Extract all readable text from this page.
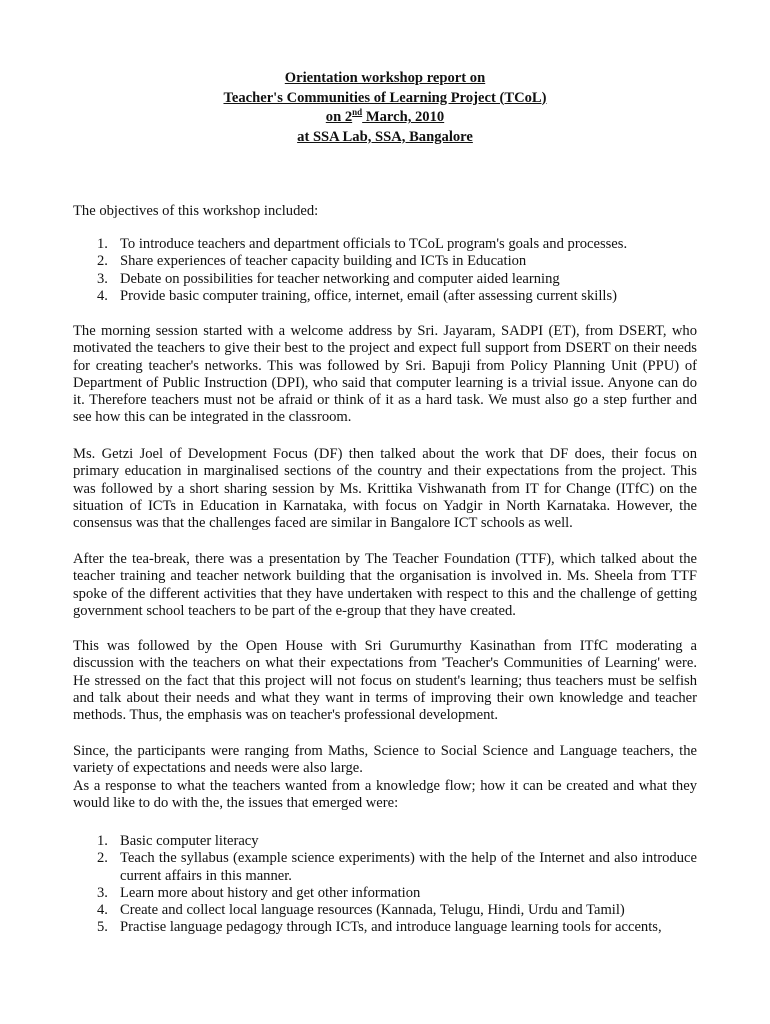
Orientation workshop report on
Teacher's Communities of Learning Project (TCoL)
on 2nd March, 2010
at SSA Lab, SSA, Bangalore
The objectives of this workshop included:
1. To introduce teachers and department officials to TCoL program's goals and processes.
2. Share experiences of teacher capacity building and ICTs in Education
3. Debate on possibilities for teacher networking and computer aided learning
4. Provide basic computer training, office, internet, email (after assessing current skills)
The morning session started with a welcome address by Sri. Jayaram, SADPI (ET), from DSERT, who motivated the teachers to give their best to the project and expect full support from DSERT on their needs for creating teacher's networks. This was followed by Sri. Bapuji from Policy Planning Unit (PPU) of Department of Public Instruction (DPI), who said that computer learning is a trivial issue. Anyone can do it. Therefore teachers must not be afraid or think of it as a hard task. We must also go a step further and see how this can be integrated in the classroom.
Ms. Getzi Joel of Development Focus (DF) then talked about the work that DF does, their focus on primary education in marginalised sections of the country and their expectations from the project. This was followed by a short sharing session by Ms. Krittika Vishwanath from IT for Change (ITfC) on the situation of ICTs in Education in Karnataka, with focus on Yadgir in North Karnataka. However, the consensus was that the challenges faced are similar in Bangalore ICT schools as well.
After the tea-break, there was a presentation by The Teacher Foundation (TTF), which talked about the teacher training and teacher network building that the organisation is involved in. Ms. Sheela from TTF spoke of the different activities that they have undertaken with respect to this and the challenge of getting government school teachers to be part of the e-group that they have created.
This was followed by the Open House with Sri Gurumurthy Kasinathan from ITfC moderating a discussion with the teachers on what their expectations from 'Teacher's Communities of Learning' were. He stressed on the fact that this project will not focus on student's learning; thus teachers must be selfish and talk about their needs and what they want in terms of improving their own knowledge and teacher methods. Thus, the emphasis was on teacher's professional development.
Since, the participants were ranging from Maths, Science to Social Science and Language teachers, the variety of expectations and needs were also large.
As a response to what the teachers wanted from a knowledge flow; how it can be created and what they would like to do with the, the issues that emerged were:
1. Basic computer literacy
2. Teach the syllabus (example science experiments) with the help of the Internet and also introduce current affairs in this manner.
3. Learn more about history and get other information
4. Create and collect local language resources (Kannada, Telugu, Hindi, Urdu and Tamil)
5. Practise language pedagogy through ICTs, and introduce language learning tools for accents,
